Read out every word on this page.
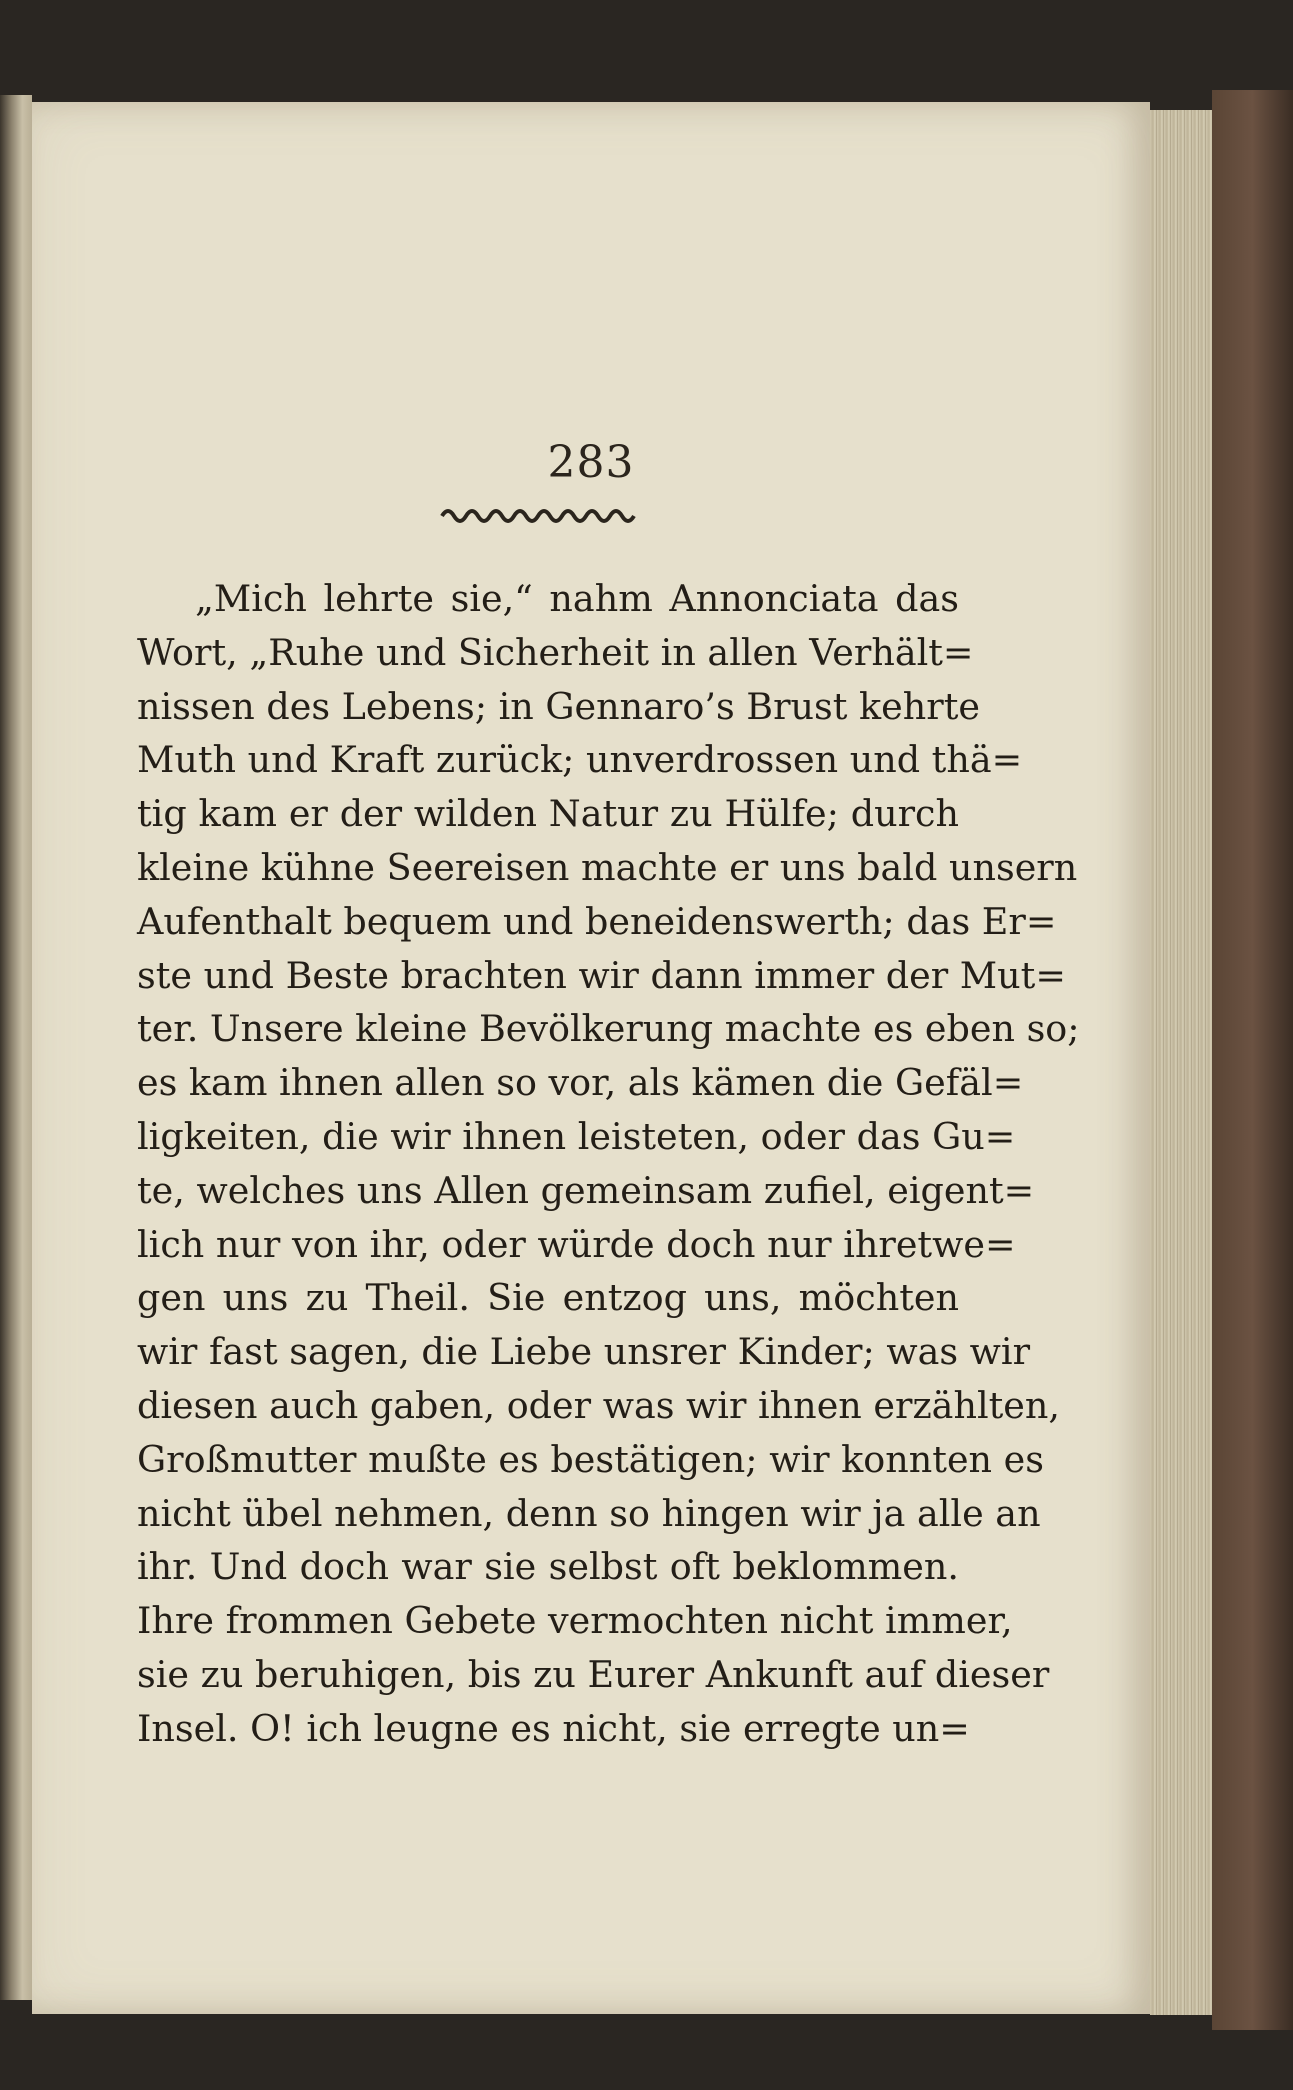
283
„Mich lehrte sie,“ nahm Annonciata das
Wort, „Ruhe und Sicherheit in allen Verhält=
nissen des Lebens; in Gennaro’s Brust kehrte
Muth und Kraft zurück; unverdrossen und thä=
tig kam er der wilden Natur zu Hülfe; durch
kleine kühne Seereisen machte er uns bald unsern
Aufenthalt bequem und beneidenswerth; das Er=
ste und Beste brachten wir dann immer der Mut=
ter. Unsere kleine Bevölkerung machte es eben so;
es kam ihnen allen so vor, als kämen die Gefäl=
ligkeiten, die wir ihnen leisteten, oder das Gu=
te, welches uns Allen gemeinsam zufiel, eigent=
lich nur von ihr, oder würde doch nur ihretwe=
gen uns zu Theil. Sie entzog uns, möchten
wir fast sagen, die Liebe unsrer Kinder; was wir
diesen auch gaben, oder was wir ihnen erzählten,
Großmutter mußte es bestätigen; wir konnten es
nicht übel nehmen, denn so hingen wir ja alle an
ihr. Und doch war sie selbst oft beklommen.
Ihre frommen Gebete vermochten nicht immer,
sie zu beruhigen, bis zu Eurer Ankunft auf dieser
Insel. O! ich leugne es nicht, sie erregte un=
